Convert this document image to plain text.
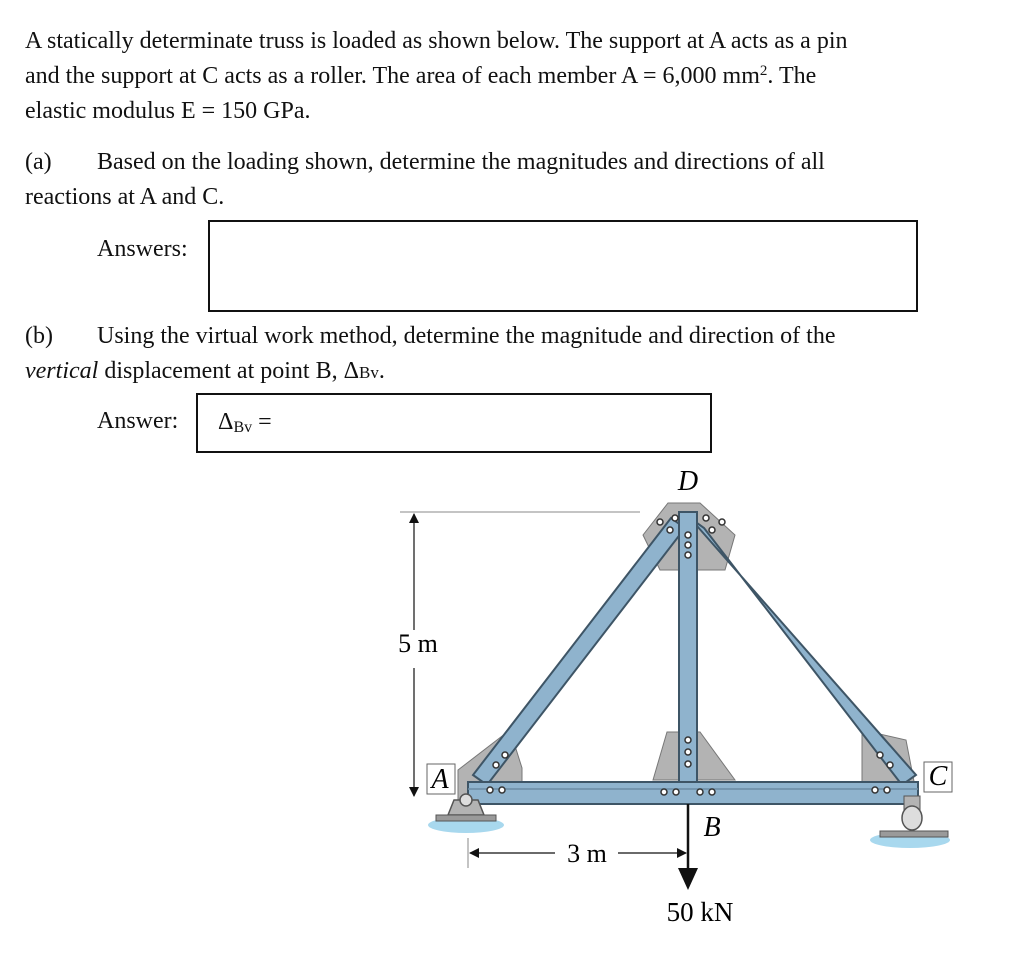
A statically determinate truss is loaded as shown below. The support at A acts as a pin
and the support at C acts as a roller. The area of each member A = 6,000 $mm^2$. The
elastic modulus E = 150 GPa.
(a) Based on the loading shown, determine the magnitudes and directions of all
reactions at A and C.
Answers:
(b) Using the virtual work method, determine the magnitude and direction of the
vertical displacement at point B, ΔBv.
Answer: ΔBv =
5 m
3 m
50 kN
D
A
B
C
